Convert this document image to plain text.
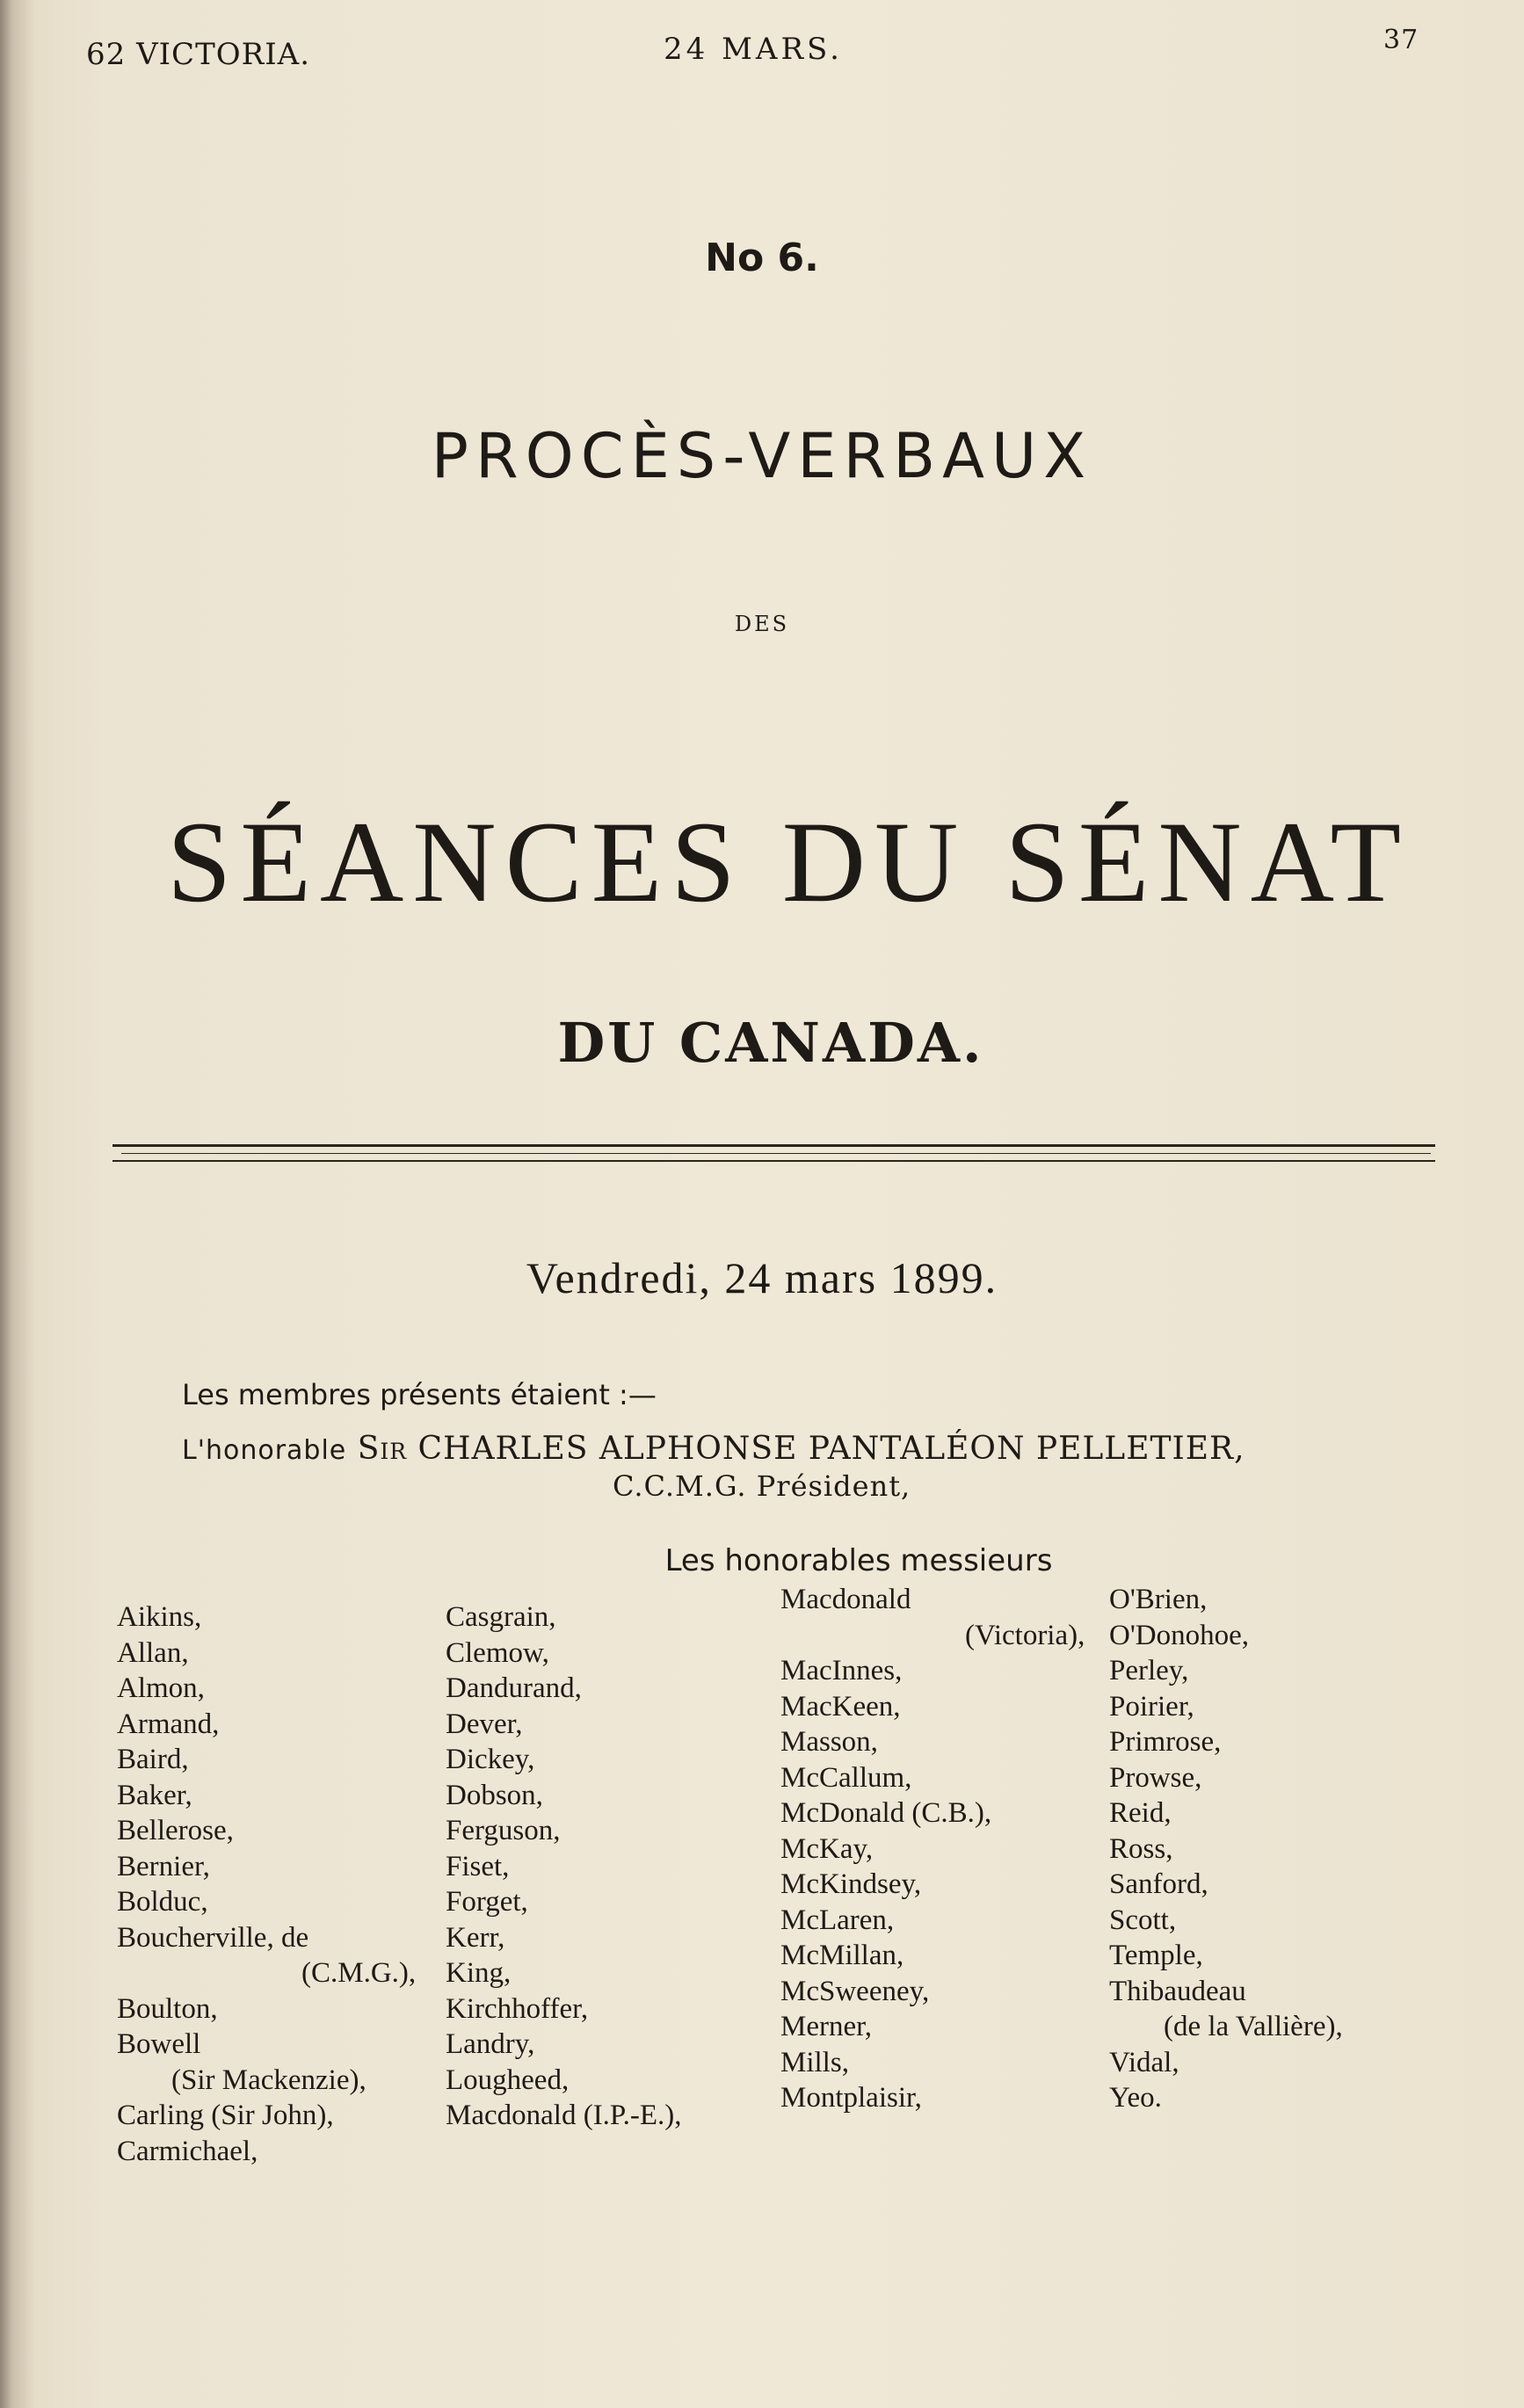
62 VICTORIA.	24 MARS.	37
No 6.
PROCÈS-VERBAUX
DES
SÉANCES DU SÉNAT
DU CANADA.
Vendredi, 24 mars 1899.
Les membres présents étaient :—
L'honorable Sir CHARLES ALPHONSE PANTALÉON PELLETIER,
C.C.M.G. Président,
Les honorables messieurs
Aikins,
Allan,
Almon,
Armand,
Baird,
Baker,
Bellerose,
Bernier,
Bolduc,
Boucherville, de
(C.M.G.),
Boulton,
Bowell
(Sir Mackenzie),
Carling (Sir John),
Carmichael,
Casgrain,
Clemow,
Dandurand,
Dever,
Dickey,
Dobson,
Ferguson,
Fiset,
Forget,
Kerr,
King,
Kirchhoffer,
Landry,
Lougheed,
Macdonald (I.P.-E.),
Macdonald
(Victoria),
MacInnes,
MacKeen,
Masson,
McCallum,
McDonald (C.B.),
McKay,
McKindsey,
McLaren,
McMillan,
McSweeney,
Merner,
Mills,
Montplaisir,
O'Brien,
O'Donohoe,
Perley,
Poirier,
Primrose,
Prowse,
Reid,
Ross,
Sanford,
Scott,
Temple,
Thibaudeau
(de la Vallière),
Vidal,
Yeo.
